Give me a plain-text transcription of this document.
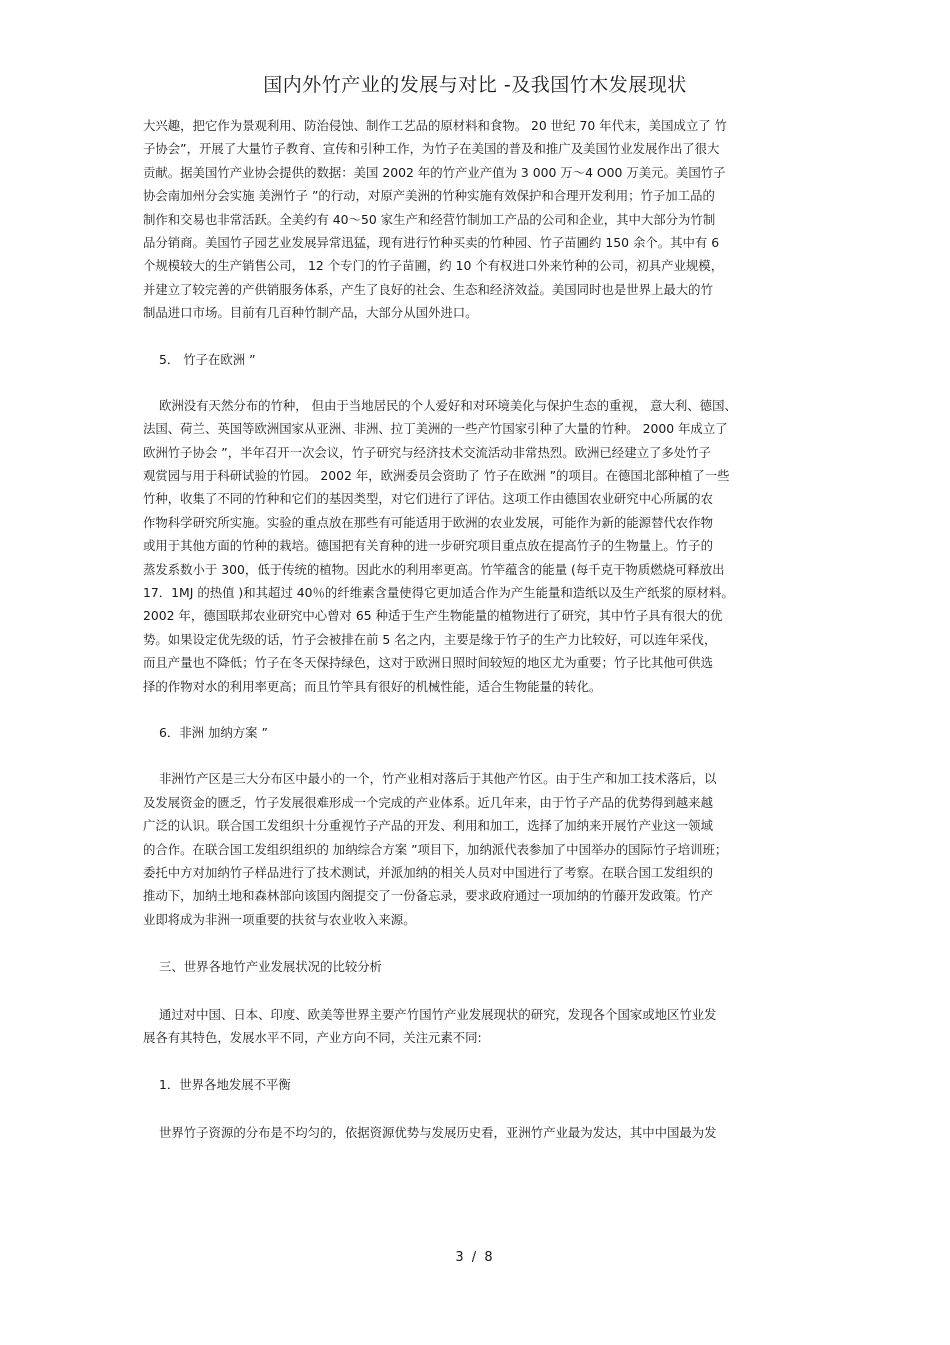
国内外竹产业的发展与对比 -及我国竹木发展现状
大兴趣，把它作为景观利用、防治侵蚀、制作工艺品的原材料和食物。 20 世纪 70 年代末，美国成立了 竹
子协会”，开展了大量竹子教育、宣传和引种工作，为竹子在美国的普及和推广及美国竹业发展作出了很大
贡献。据美国竹产业协会提供的数据：美国 2002 年的竹产业产值为 3 000 万～4 O00 万美元。美国竹子
协会南加州分会实施 美洲竹子 ”的行动，对原产美洲的竹种实施有效保护和合理开发利用；竹子加工品的
制作和交易也非常活跃。全美约有 40～50 家生产和经营竹制加工产品的公司和企业，其中大部分为竹制
品分销商。美国竹子园艺业发展异常迅猛，现有进行竹种买卖的竹种园、竹子苗圃约 150 余个。其中有 6
个规模较大的生产销售公司， 12 个专门的竹子苗圃，约 10 个有权进口外来竹种的公司，初具产业规模，
并建立了较完善的产供销服务体系，产生了良好的社会、生态和经济效益。美国同时也是世界上最大的竹
制品进口市场。目前有几百种竹制产品，大部分从国外进口。
5． 竹子在欧洲 ”
欧洲没有天然分布的竹种， 但由于当地居民的个人爱好和对环境美化与保护生态的重视， 意大利、德国、
法国、荷兰、英国等欧洲国家从亚洲、非洲、拉丁美洲的一些产竹国家引种了大量的竹种。 2000 年成立了
欧洲竹子协会 ”，半年召开一次会议，竹子研究与经济技术交流活动非常热烈。欧洲已经建立了多处竹子
观赏园与用于科研试验的竹园。 2002 年，欧洲委员会资助了 竹子在欧洲 ”的项目。在德国北部种植了一些
竹种，收集了不同的竹种和它们的基因类型，对它们进行了评估。这项工作由德国农业研究中心所属的农
作物科学研究所实施。实验的重点放在那些有可能适用于欧洲的农业发展，可能作为新的能源替代农作物
或用于其他方面的竹种的栽培。德国把有关育种的进一步研究项目重点放在提高竹子的生物量上。竹子的
蒸发系数小于 300，低于传统的植物。因此水的利用率更高。竹竿蕴含的能量 (每千克干物质燃烧可释放出
17．1MJ 的热值 )和其超过 40％的纤维素含量使得它更加适合作为产生能量和造纸以及生产纸浆的原材料。
2002 年，德国联邦农业研究中心曾对 65 种适于生产生物能量的植物进行了研究，其中竹子具有很大的优
势。如果设定优先级的话，竹子会被排在前 5 名之内，主要是缘于竹子的生产力比较好，可以连年采伐，
而且产量也不降低；竹子在冬天保持绿色，这对于欧洲日照时间较短的地区尤为重要；竹子比其他可供选
择的作物对水的利用率更高；而且竹竿具有很好的机械性能，适合生物能量的转化。
6．非洲 加纳方案 ”
非洲竹产区是三大分布区中最小的一个，竹产业相对落后于其他产竹区。由于生产和加工技术落后，以
及发展资金的匮乏，竹子发展很难形成一个完成的产业体系。近几年来，由于竹子产品的优势得到越来越
广泛的认识。联合国工发组织十分重视竹子产品的开发、利用和加工，选择了加纳来开展竹产业这一领域
的合作。在联合国工发组织组织的 加纳综合方案 ”项目下，加纳派代表参加了中国举办的国际竹子培训班；
委托中方对加纳竹子样品进行了技术测试，并派加纳的相关人员对中国进行了考察。在联合国工发组织的
推动下，加纳土地和森林部向该国内阁提交了一份备忘录，要求政府通过一项加纳的竹藤开发政策。竹产
业即将成为非洲一项重要的扶贫与农业收入来源。
三、世界各地竹产业发展状况的比较分析
通过对中国、日本、印度、欧美等世界主要产竹国竹产业发展现状的研究，发现各个国家或地区竹业发
展各有其特色，发展水平不同，产业方向不同，关注元素不同:
1．世界各地发展不平衡
世界竹子资源的分布是不均匀的，依据资源优势与发展历史看，亚洲竹产业最为发达，其中中国最为发
3 / 8
